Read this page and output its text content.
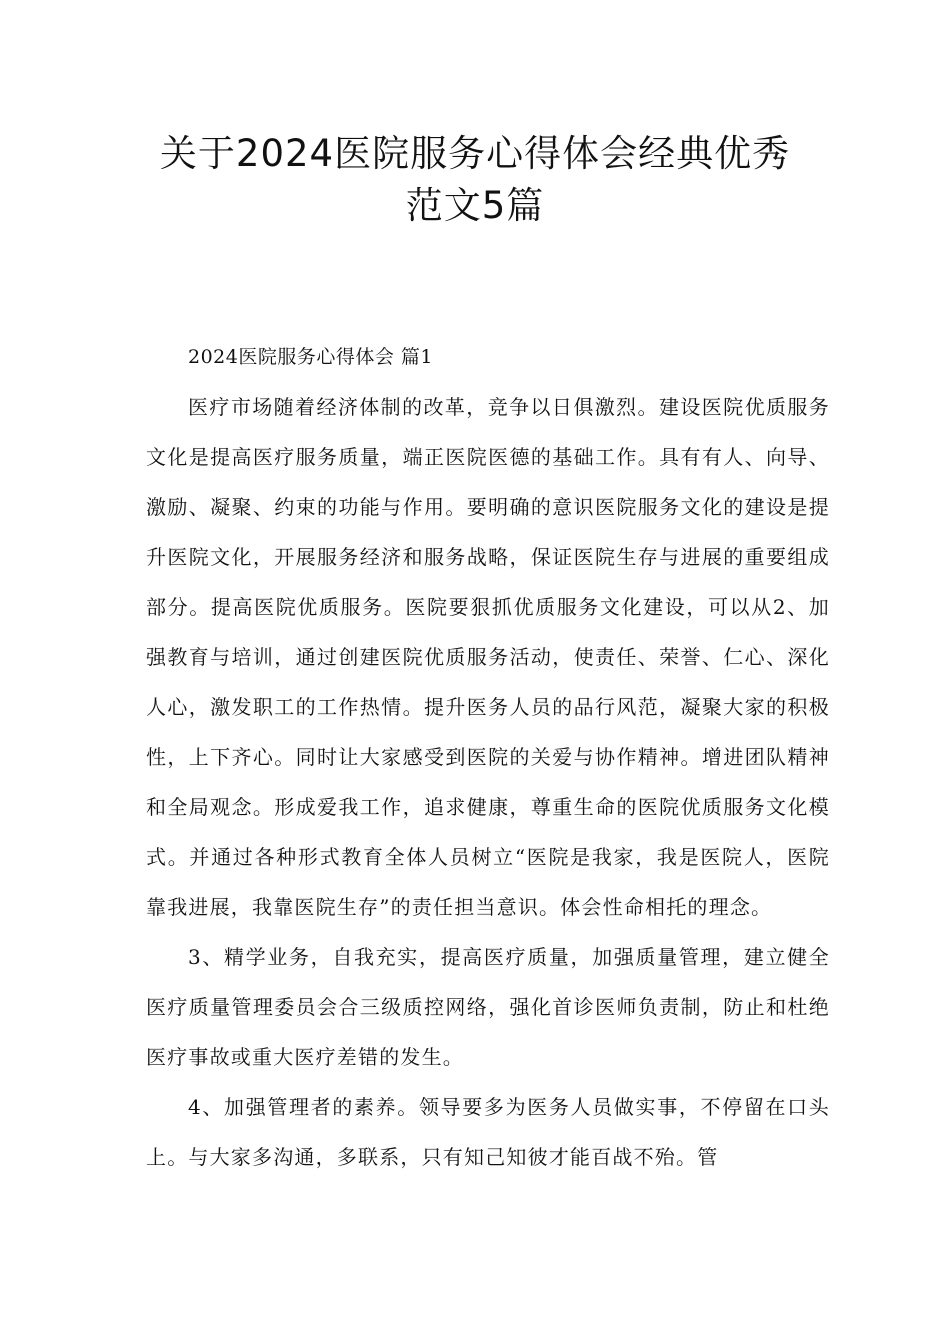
关于2024医院服务心得体会经典优秀
范文5篇

2024医院服务心得体会 篇1

医疗市场随着经济体制的改革，竞争以日俱激烈。建设医院优质服务文化是提高医疗服务质量，端正医院医德的基础工作。具有有人、向导、激励、凝聚、约束的功能与作用。要明确的意识医院服务文化的建设是提升医院文化，开展服务经济和服务战略，保证医院生存与进展的重要组成部分。提高医院优质服务。医院要狠抓优质服务文化建设，可以从2、加强教育与培训，通过创建医院优质服务活动，使责任、荣誉、仁心、深化人心，激发职工的工作热情。提升医务人员的品行风范，凝聚大家的积极性，上下齐心。同时让大家感受到医院的关爱与协作精神。增进团队精神和全局观念。形成爱我工作，追求健康，尊重生命的医院优质服务文化模式。并通过各种形式教育全体人员树立“医院是我家，我是医院人，医院靠我进展，我靠医院生存”的责任担当意识。体会性命相托的理念。

3、精学业务，自我充实，提高医疗质量，加强质量管理，建立健全医疗质量管理委员会合三级质控网络，强化首诊医师负责制，防止和杜绝医疗事故或重大医疗差错的发生。

4、加强管理者的素养。领导要多为医务人员做实事，不停留在口头上。与大家多沟通，多联系，只有知己知彼才能百战不殆。管
